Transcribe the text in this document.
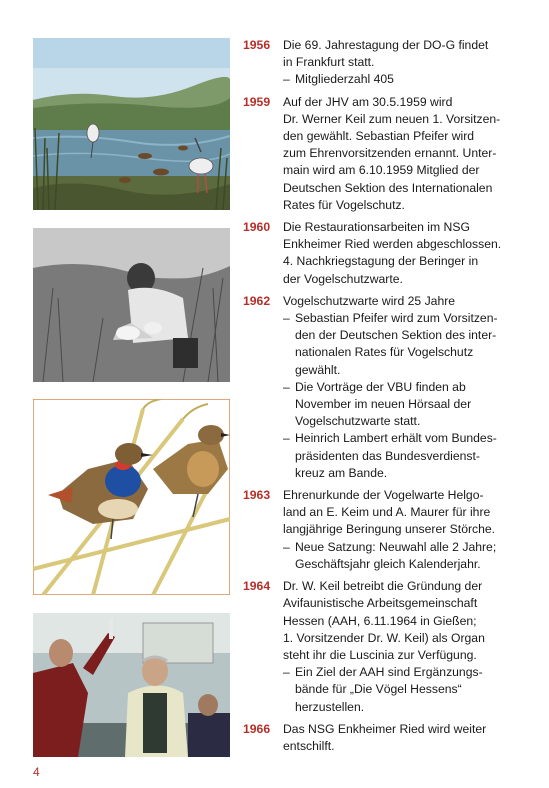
1956	Die 69. Jahrestagung der DO-G findet
in Frankfurt statt.
– Mitgliederzahl 405
1959	Auf der JHV am 30.5.1959 wird
Dr. Werner Keil zum neuen 1. Vorsitzen-
den gewählt. Sebastian Pfeifer wird
zum Ehrenvorsitzenden ernannt. Unter-
main wird am 6.10.1959 Mitglied der
Deutschen Sektion des Internationalen
Rates für Vogelschutz.
1960	Die Restaurationsarbeiten im NSG
Enkheimer Ried werden abgeschlossen.
4. Nachkriegstagung der Beringer in
der Vogelschutzwarte.
1962	Vogelschutzwarte wird 25 Jahre
– Sebastian Pfeifer wird zum Vorsitzen-
den der Deutschen Sektion des inter-
nationalen Rates für Vogelschutz
gewählt.
– Die Vorträge der VBU finden ab
November im neuen Hörsaal der
Vogelschutzwarte statt.
– Heinrich Lambert erhält vom Bundes-
präsidenten das Bundesverdienst-
kreuz am Bande.
1963	Ehrenurkunde der Vogelwarte Helgo-
land an E. Keim und A. Maurer für ihre
langjährige Beringung unserer Störche.
– Neue Satzung: Neuwahl alle 2 Jahre;
Geschäftsjahr gleich Kalenderjahr.
1964	Dr. W. Keil betreibt die Gründung der
Avifaunistische Arbeitsgemeinschaft
Hessen (AAH, 6.11.1964 in Gießen;
1. Vorsitzender Dr. W. Keil) als Organ
steht ihr die Luscinia zur Verfügung.
– Ein Ziel der AAH sind Ergänzungs-
bände für „Die Vögel Hessens“
herzustellen.
1966	Das NSG Enkheimer Ried wird weiter
entschilft.
4
